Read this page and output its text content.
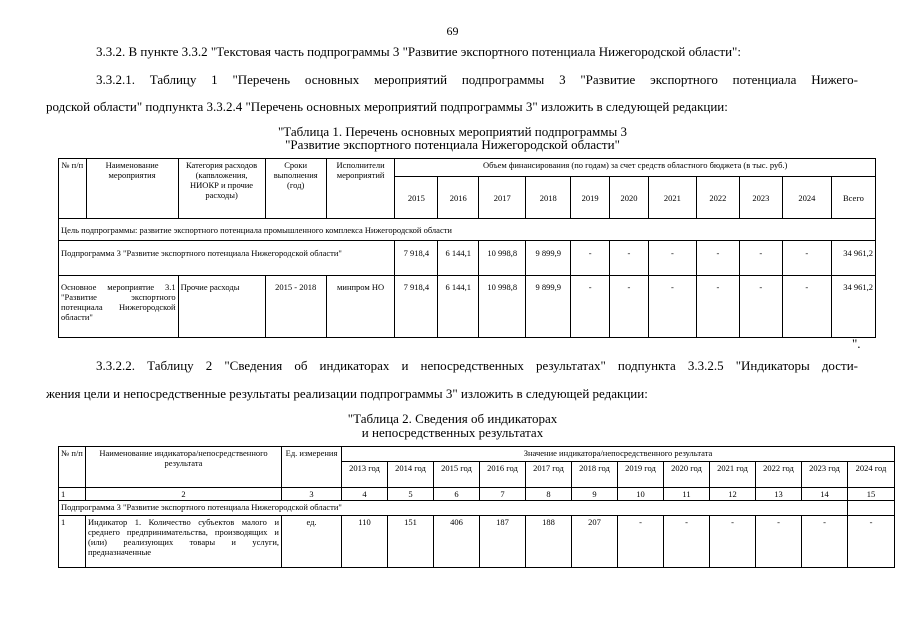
69
3.3.2. В пункте 3.3.2 "Текстовая часть подпрограммы 3 "Развитие экспортного потенциала Нижегородской области":
3.3.2.1. Таблицу 1 "Перечень основных мероприятий подпрограммы 3 "Развитие экспортного потенциала Нижего-
родской области" подпункта 3.3.2.4 "Перечень основных мероприятий подпрограммы 3" изложить в следующей редакции:
"Таблица 1. Перечень основных мероприятий подпрограммы 3
"Развитие экспортного потенциала Нижегородской области"
№ п/п	Наименование мероприятия	Категория расходов (капвложения, НИОКР и прочие расходы)	Сроки выполнения (год)	Исполнители мероприятий	Объем финансирования (по годам) за счет средств областного бюджета (в тыс. руб.)										
					2015	2016	2017	2018	2019	2020	2021	2022	2023	2024	Всего
Цель подпрограммы: развитие экспортного потенциала промышленного комплекса Нижегородской области															
Подпрограмма 3 "Развитие экспортного потенциала Нижегородской области"					7 918,4	6 144,1	10 998,8	9 899,9	-	-	-	-	-	-	34 961,2
Основное мероприятие 3.1 "Развитие экспортного потенциала Нижегородской области"		Прочие расходы	2015 - 2018	минпром НО	7 918,4	6 144,1	10 998,8	9 899,9	-	-	-	-	-	-	34 961,2
".
3.3.2.2. Таблицу 2 "Сведения об индикаторах и непосредственных результатах" подпункта 3.3.2.5 "Индикаторы дости-
жения цели и непосредственные результаты реализации подпрограммы 3" изложить в следующей редакции:
"Таблица 2. Сведения об индикаторах
и непосредственных результатах
№ п/п	Наименование индикатора/непосредственного результата	Ед. измерения	Значение индикатора/непосредственного результата											
			2013 год	2014 год	2015 год	2016 год	2017 год	2018 год	2019 год	2020 год	2021 год	2022 год	2023 год	2024 год
1	2	3	4	5	6	7	8	9	10	11	12	13	14	15
Подпрограмма 3 "Развитие экспортного потенциала Нижегородской области"														
1	Индикатор 1. Количество субъектов малого и среднего предпринимательства, производящих и (или) реализующих товары и услуги, предназначенные	ед.	110	151	406	187	188	207	-	-	-	-	-	-
